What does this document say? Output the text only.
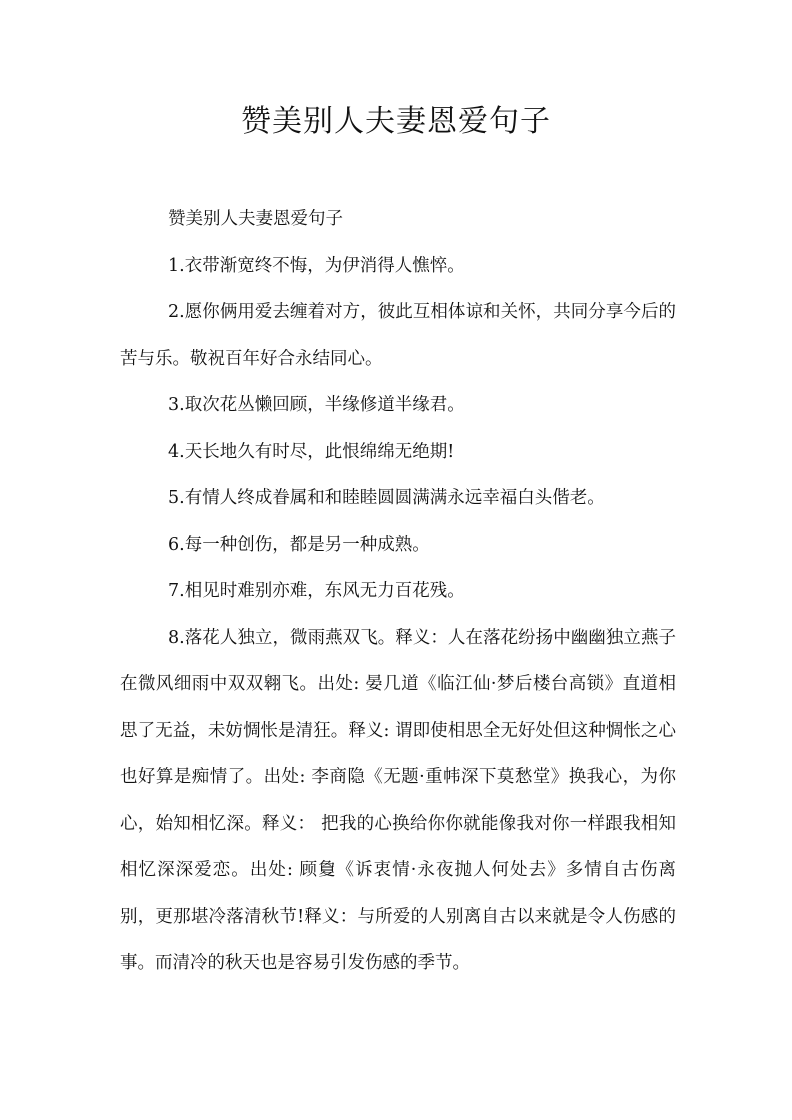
赞美别人夫妻恩爱句子

赞美别人夫妻恩爱句子

1.衣带渐宽终不悔，为伊消得人憔悴。

2.愿你俩用爱去缠着对方，彼此互相体谅和关怀，共同分享今后的苦与乐。敬祝百年好合永结同心。

3.取次花丛懒回顾，半缘修道半缘君。

4.天长地久有时尽，此恨绵绵无绝期!

5.有情人终成眷属和和睦睦圆圆满满永远幸福白头偕老。

6.每一种创伤，都是另一种成熟。

7.相见时难别亦难，东风无力百花残。

8.落花人独立，微雨燕双飞。释义：人在落花纷扬中幽幽独立燕子在微风细雨中双双翱飞。出处: 晏几道《临江仙·梦后楼台高锁》直道相思了无益，未妨惆怅是清狂。释义: 谓即使相思全无好处但这种惆怅之心也好算是痴情了。出处: 李商隐《无题·重帏深下莫愁堂》换我心，为你心，始知相忆深。释义： 把我的心换给你你就能像我对你一样跟我相知相忆深深爱恋。出处: 顾敻《诉衷情·永夜抛人何处去》多情自古伤离别，更那堪冷落清秋节!释义：与所爱的人别离自古以来就是令人伤感的事。而清冷的秋天也是容易引发伤感的季节。
